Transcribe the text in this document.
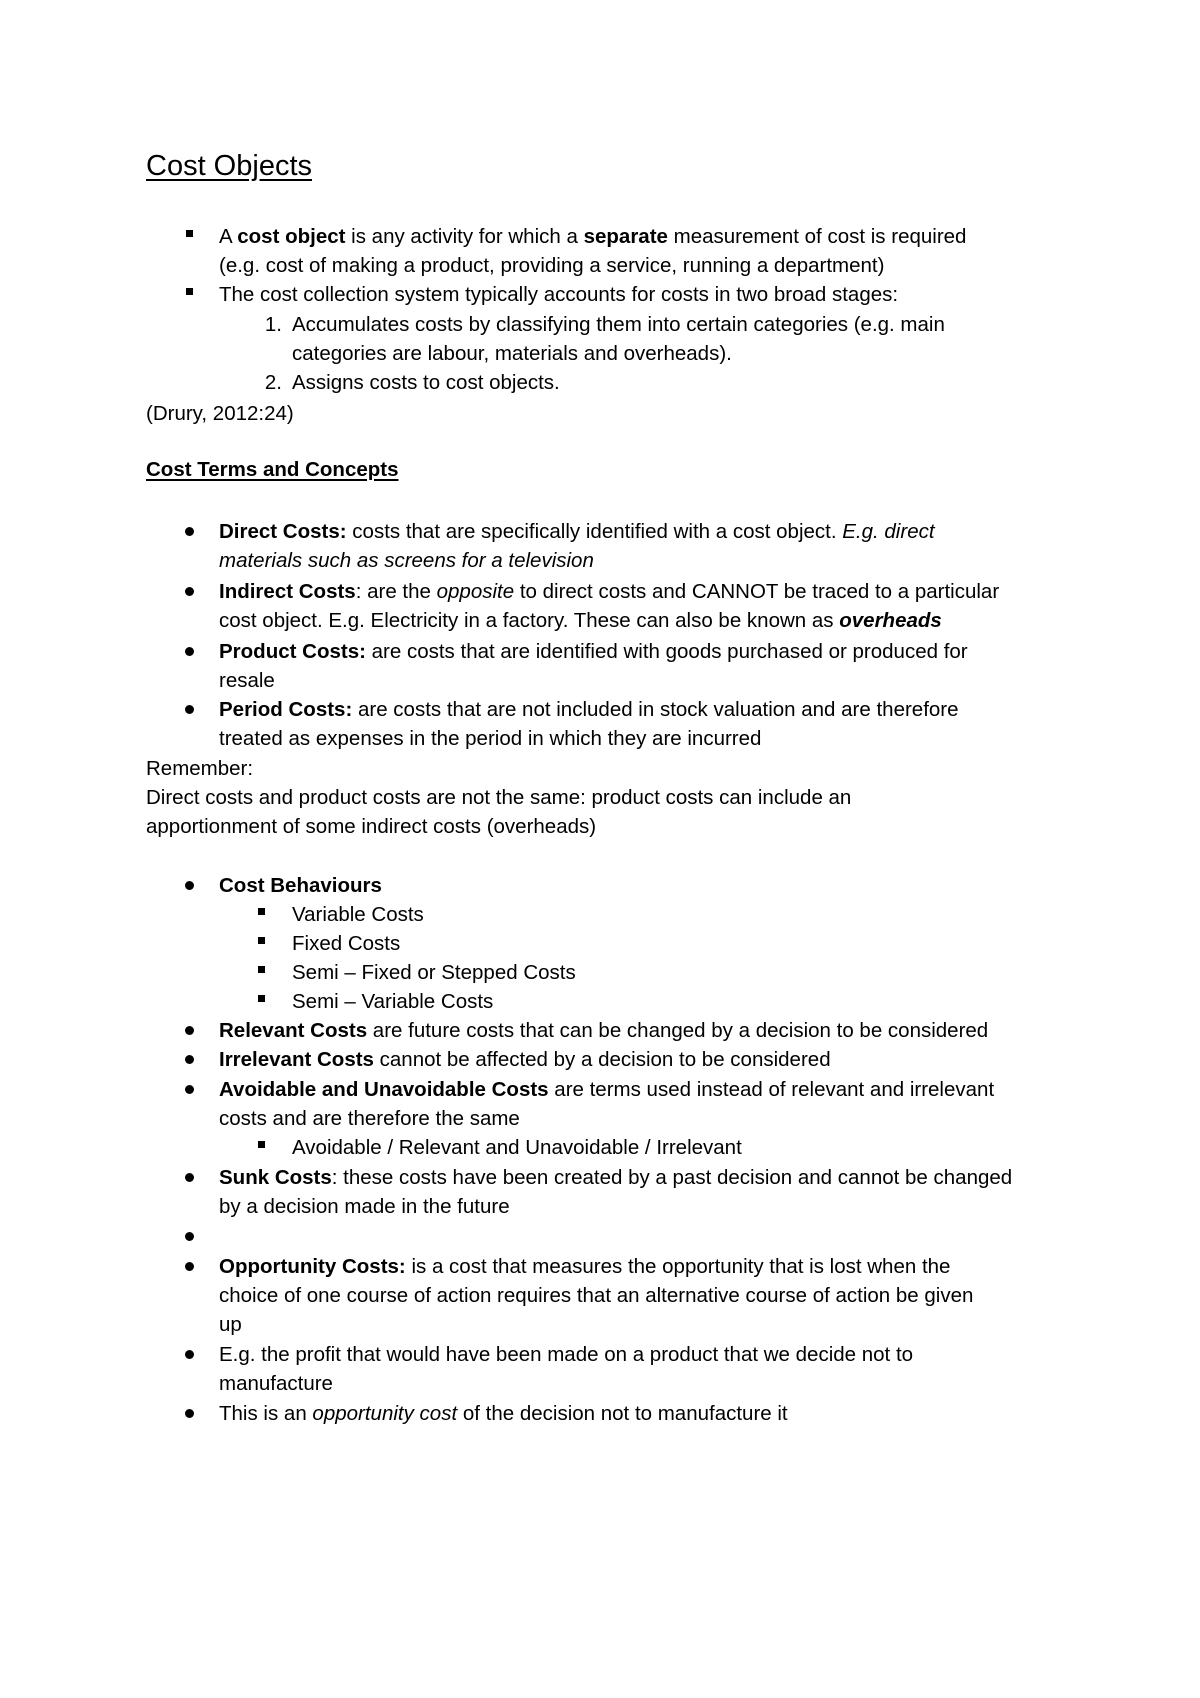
Cost Objects
A cost object is any activity for which a separate measurement of cost is required
(e.g. cost of making a product, providing a service, running a department)
The cost collection system typically accounts for costs in two broad stages:
1. Accumulates costs by classifying them into certain categories (e.g. main
categories are labour, materials and overheads).
2. Assigns costs to cost objects.
(Drury, 2012:24)
Cost Terms and Concepts
Direct Costs: costs that are specifically identified with a cost object. E.g. direct
materials such as screens for a television
Indirect Costs: are the opposite to direct costs and CANNOT be traced to a particular
cost object. E.g. Electricity in a factory. These can also be known as overheads
Product Costs: are costs that are identified with goods purchased or produced for
resale
Period Costs: are costs that are not included in stock valuation and are therefore
treated as expenses in the period in which they are incurred
Remember:
Direct costs and product costs are not the same: product costs can include an
apportionment of some indirect costs (overheads)
Cost Behaviours
Variable Costs
Fixed Costs
Semi – Fixed or Stepped Costs
Semi – Variable Costs
Relevant Costs are future costs that can be changed by a decision to be considered
Irrelevant Costs cannot be affected by a decision to be considered
Avoidable and Unavoidable Costs are terms used instead of relevant and irrelevant
costs and are therefore the same
Avoidable / Relevant and Unavoidable / Irrelevant
Sunk Costs: these costs have been created by a past decision and cannot be changed
by a decision made in the future
Opportunity Costs: is a cost that measures the opportunity that is lost when the
choice of one course of action requires that an alternative course of action be given
up
E.g. the profit that would have been made on a product that we decide not to
manufacture
This is an opportunity cost of the decision not to manufacture it
